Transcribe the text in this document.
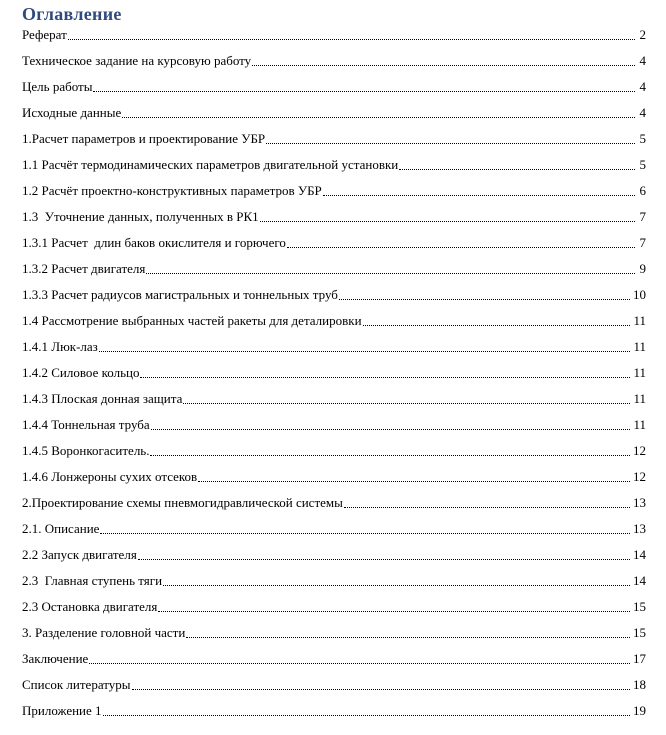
Оглавление
Реферат	2
Техническое задание на курсовую работу	4
Цель работы	4
Исходные данные	4
1.Расчет параметров и проектирование УБР	5
1.1 Расчёт термодинамических параметров двигательной установки	5
1.2 Расчёт проектно-конструктивных параметров УБР	6
1.3  Уточнение данных, полученных в РК1	7
1.3.1 Расчет  длин баков окислителя и горючего	7
1.3.2 Расчет двигателя	9
1.3.3 Расчет радиусов магистральных и тоннельных труб	10
1.4 Рассмотрение выбранных частей ракеты для деталировки	11
1.4.1 Люк-лаз	11
1.4.2 Силовое кольцо	11
1.4.3 Плоская донная защита	11
1.4.4 Тоннельная труба	11
1.4.5 Воронкогаситель.	12
1.4.6 Лонжероны сухих отсеков	12
2.Проектирование схемы пневмогидравлической системы	13
2.1. Описание	13
2.2 Запуск двигателя	14
2.3  Главная ступень тяги	14
2.3 Остановка двигателя	15
3. Разделение головной части	15
Заключение	17
Список литературы	18
Приложение 1	19
